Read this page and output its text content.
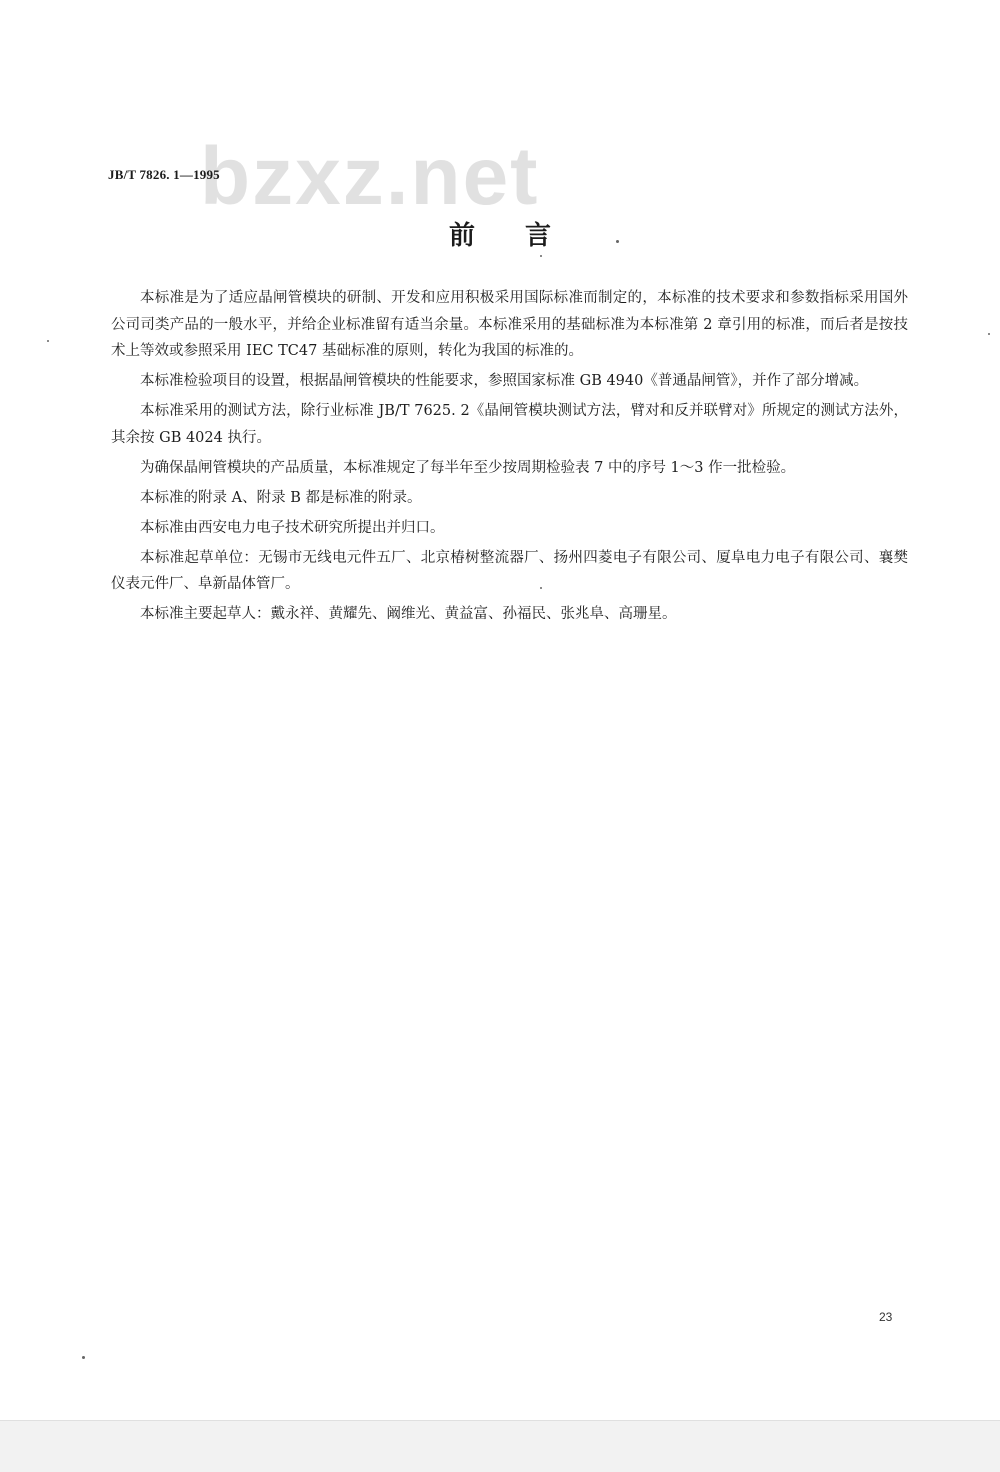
bzxz.net
JB/T 7826. 1—1995
前言

本标准是为了适应晶闸管模块的研制、开发和应用积极采用国际标准而制定的，本标准的技术要求和参数指标采用国外公司司类产品的一般水平，并给企业标准留有适当余量。本标准采用的基础标准为本标准第 2 章引用的标准，而后者是按技术上等效或参照采用 IEC TC47 基础标准的原则，转化为我国的标准的。

本标准检验项目的设置，根据晶闸管模块的性能要求，参照国家标准 GB 4940《普通晶闸管》，并作了部分增减。

本标准采用的测试方法，除行业标准 JB/T 7625. 2《晶闸管模块测试方法，臂对和反并联臂对》所规定的测试方法外，其余按 GB 4024 执行。

为确保晶闸管模块的产品质量，本标准规定了每半年至少按周期检验表 7 中的序号 1～3 作一批检验。

本标准的附录 A、附录 B 都是标准的附录。

本标准由西安电力电子技术研究所提出并归口。

本标准起草单位：无锡市无线电元件五厂、北京椿树整流器厂、扬州四菱电子有限公司、厦阜电力电子有限公司、襄樊仪表元件厂、阜新晶体管厂。

本标准主要起草人：戴永祥、黄耀先、阚维光、黄益富、孙福民、张兆阜、高珊星。

23
